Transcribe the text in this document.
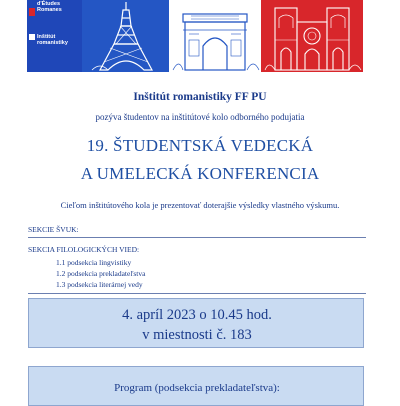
d'Études Romanes
Inštitút romanistiky
Inštitút romanistiky FF PU
pozýva študentov na inštitútové kolo odborného podujatia
19. ŠTUDENTSKÁ VEDECKÁ
A UMELECKÁ KONFERENCIA
Cieľom inštitútového kola je prezentovať doterajšie výsledky vlastného výskumu.
SEKCIE ŠVUK:
SEKCIA FILOLOGICKÝCH VIED:
1.1 podsekcia lingvistiky
1.2 podsekcia prekladateľstva
1.3 podsekcia literárnej vedy
4. apríl 2023 o 10.45 hod.
v miestnosti č. 183
Program (podsekcia prekladateľstva):
